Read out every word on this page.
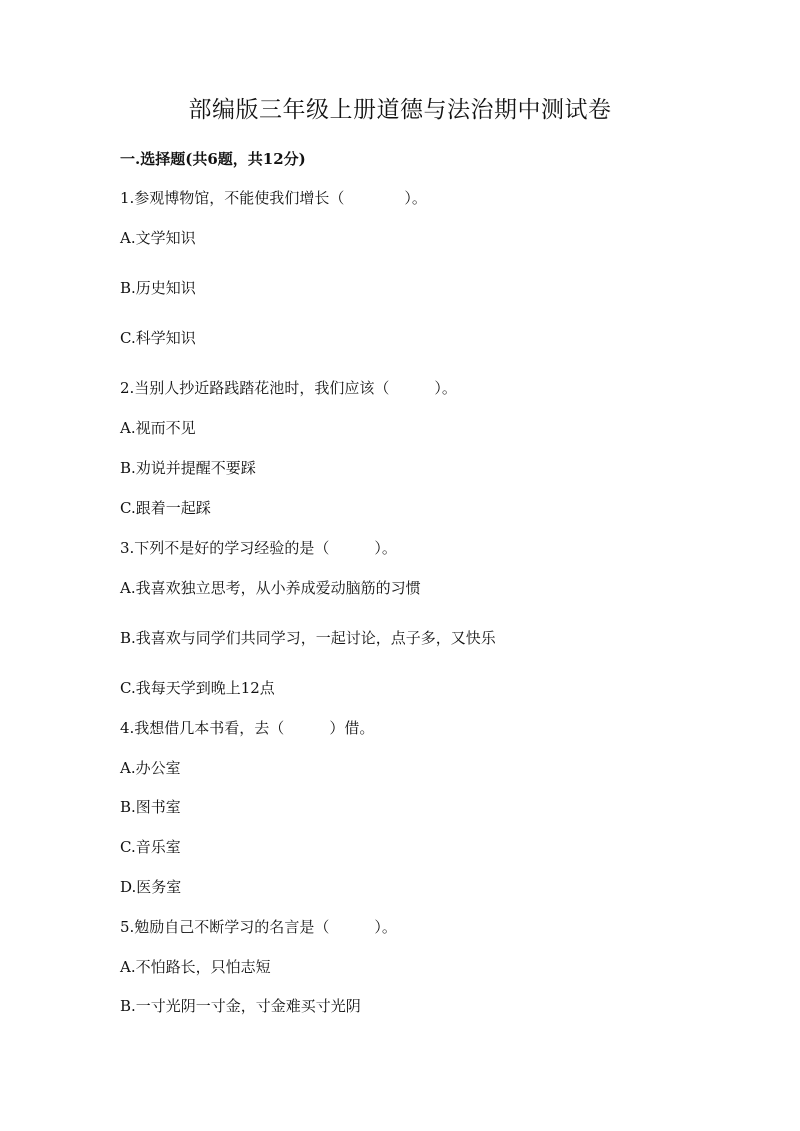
部编版三年级上册道德与法治期中测试卷
一.选择题(共6题，共12分)
1.参观博物馆，不能使我们增长（　　　　）。
A.文学知识
B.历史知识
C.科学知识
2.当别人抄近路践踏花池时，我们应该（　　　）。
A.视而不见
B.劝说并提醒不要踩
C.跟着一起踩
3.下列不是好的学习经验的是（　　　）。
A.我喜欢独立思考，从小养成爱动脑筋的习惯
B.我喜欢与同学们共同学习，一起讨论，点子多，又快乐
C.我每天学到晚上12点
4.我想借几本书看，去（　　　）借。
A.办公室
B.图书室
C.音乐室
D.医务室
5.勉励自己不断学习的名言是（　　　）。
A.不怕路长，只怕志短
B.一寸光阴一寸金，寸金难买寸光阴
